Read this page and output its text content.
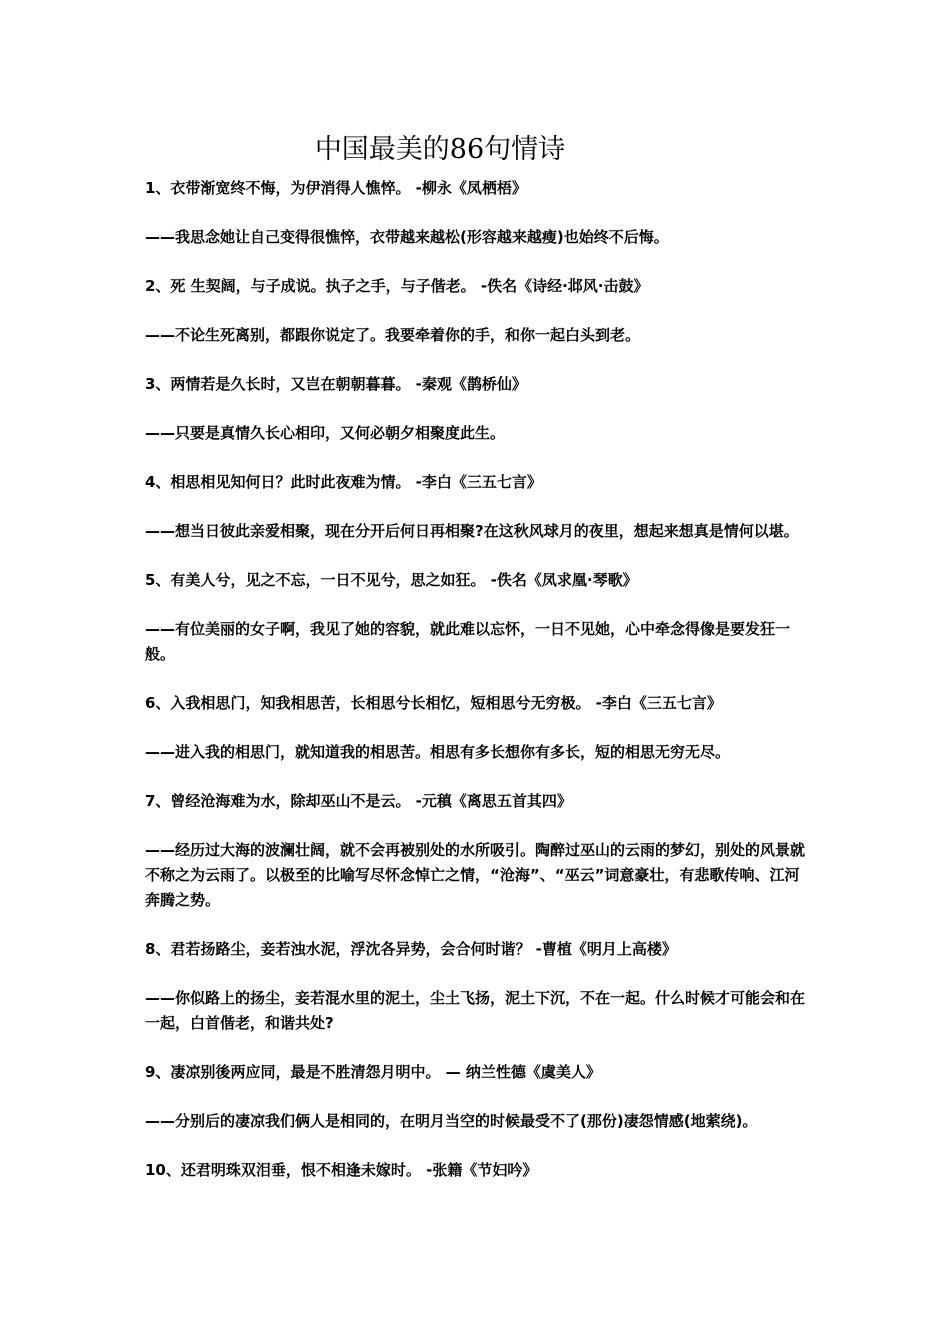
中国最美的86句情诗

1、衣带渐宽终不悔，为伊消得人憔悴。 -柳永《凤栖梧》

——我思念她让自己变得很憔悴，衣带越来越松(形容越来越瘦)也始终不后悔。

2、死 生契阔，与子成说。执子之手，与子偕老。 -佚名《诗经·邶风·击鼓》

——不论生死离别，都跟你说定了。我要牵着你的手，和你一起白头到老。

3、两情若是久长时，又岂在朝朝暮暮。 -秦观《鹊桥仙》

——只要是真情久长心相印，又何必朝夕相聚度此生。

4、相思相见知何日？此时此夜难为情。 -李白《三五七言》

——想当日彼此亲爱相聚，现在分开后何日再相聚?在这秋风球月的夜里，想起来想真是情何以堪。

5、有美人兮，见之不忘，一日不见兮，思之如狂。 -佚名《凤求凰·琴歌》

——有位美丽的女子啊，我见了她的容貌，就此难以忘怀，一日不见她，心中牵念得像是要发狂一般。

6、入我相思门，知我相思苦，长相思兮长相忆，短相思兮无穷极。 -李白《三五七言》

——进入我的相思门，就知道我的相思苦。相思有多长想你有多长，短的相思无穷无尽。

7、曾经沧海难为水，除却巫山不是云。 -元稹《离思五首其四》

——经历过大海的波澜壮阔，就不会再被别处的水所吸引。陶醉过巫山的云雨的梦幻，别处的风景就不称之为云雨了。以极至的比喻写尽怀念悼亡之情，“沧海”、“巫云”词意豪壮，有悲歌传响、江河奔腾之势。

8、君若扬路尘，妾若浊水泥，浮沈各异势，会合何时谐？ -曹植《明月上高楼》

——你似路上的扬尘，妾若混水里的泥土，尘土飞扬，泥土下沉，不在一起。什么时候才可能会和在一起，白首偕老，和谐共处?

9、凄凉别後两应同，最是不胜清怨月明中。 — 纳兰性德《虞美人》

——分别后的凄凉我们俩人是相同的，在明月当空的时候最受不了(那份)凄怨情感(地萦绕)。

10、还君明珠双泪垂，恨不相逢未嫁时。 -张籍《节妇吟》
